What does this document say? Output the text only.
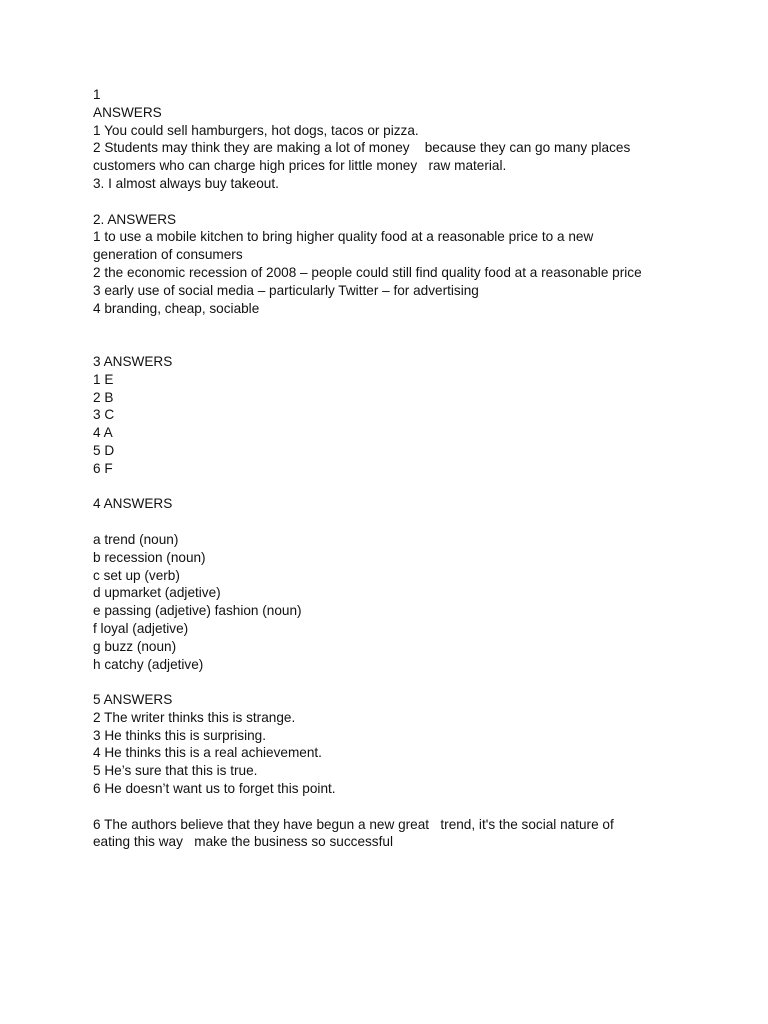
1
ANSWERS
1 You could sell hamburgers, hot dogs, tacos or pizza.
2 Students may think they are making a lot of money    because they can go many places
customers who can charge high prices for little money   raw material.
3. I almost always buy takeout.
2. ANSWERS
1 to use a mobile kitchen to bring higher quality food at a reasonable price to a new
generation of consumers
2 the economic recession of 2008 – people could still find quality food at a reasonable price
3 early use of social media – particularly Twitter – for advertising
4 branding, cheap, sociable
3 ANSWERS
1 E
2 B
3 C
4 A
5 D
6 F
4 ANSWERS
a trend (noun)
b recession (noun)
c set up (verb)
d upmarket (adjetive)
e passing (adjetive) fashion (noun)
f loyal (adjetive)
g buzz (noun)
h catchy (adjetive)
5 ANSWERS
2 The writer thinks this is strange.
3 He thinks this is surprising.
4 He thinks this is a real achievement.
5 He’s sure that this is true.
6 He doesn’t want us to forget this point.
6 The authors believe that they have begun a new great   trend, it's the social nature of
eating this way   make the business so successful
